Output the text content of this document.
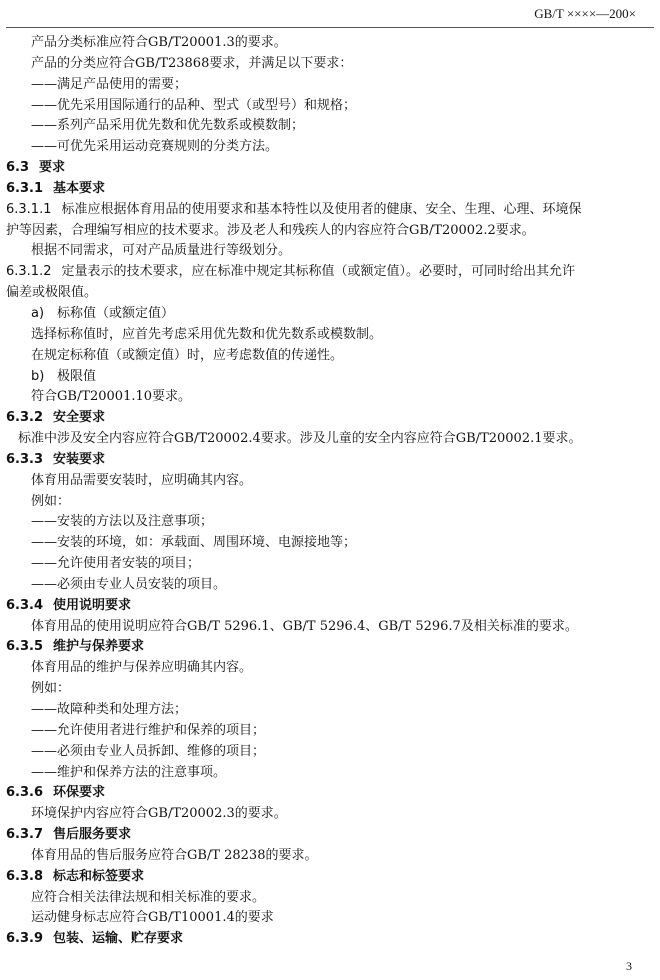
GB/T ××××—200×
产品分类标准应符合GB/T20001.3的要求。
产品的分类应符合GB/T23868要求，并满足以下要求：
——满足产品使用的需要；
——优先采用国际通行的品种、型式（或型号）和规格；
——系列产品采用优先数和优先数系或模数制；
——可优先采用运动竞赛规则的分类方法。
6.3 要求
6.3.1 基本要求
6.3.1.1 标准应根据体育用品的使用要求和基本特性以及使用者的健康、安全、生理、心理、环境保
护等因素，合理编写相应的技术要求。涉及老人和残疾人的内容应符合GB/T20002.2要求。
根据不同需求，可对产品质量进行等级划分。
6.3.1.2 定量表示的技术要求，应在标准中规定其标称值（或额定值）。必要时，可同时给出其允许
偏差或极限值。
a) 标称值（或额定值）
选择标称值时，应首先考虑采用优先数和优先数系或模数制。
在规定标称值（或额定值）时，应考虑数值的传递性。
b) 极限值
符合GB/T20001.10要求。
6.3.2 安全要求
标准中涉及安全内容应符合GB/T20002.4要求。涉及儿童的安全内容应符合GB/T20002.1要求。
6.3.3 安装要求
体育用品需要安装时，应明确其内容。
例如：
——安装的方法以及注意事项；
——安装的环境，如：承载面、周围环境、电源接地等；
——允许使用者安装的项目；
——必须由专业人员安装的项目。
6.3.4 使用说明要求
体育用品的使用说明应符合GB/T 5296.1、GB/T 5296.4、GB/T 5296.7及相关标准的要求。
6.3.5 维护与保养要求
体育用品的维护与保养应明确其内容。
例如：
——故障种类和处理方法；
——允许使用者进行维护和保养的项目；
——必须由专业人员拆卸、维修的项目；
——维护和保养方法的注意事项。
6.3.6 环保要求
环境保护内容应符合GB/T20002.3的要求。
6.3.7 售后服务要求
体育用品的售后服务应符合GB/T 28238的要求。
6.3.8 标志和标签要求
应符合相关法律法规和相关标准的要求。
运动健身标志应符合GB/T10001.4的要求
6.3.9 包装、运输、贮存要求
3
